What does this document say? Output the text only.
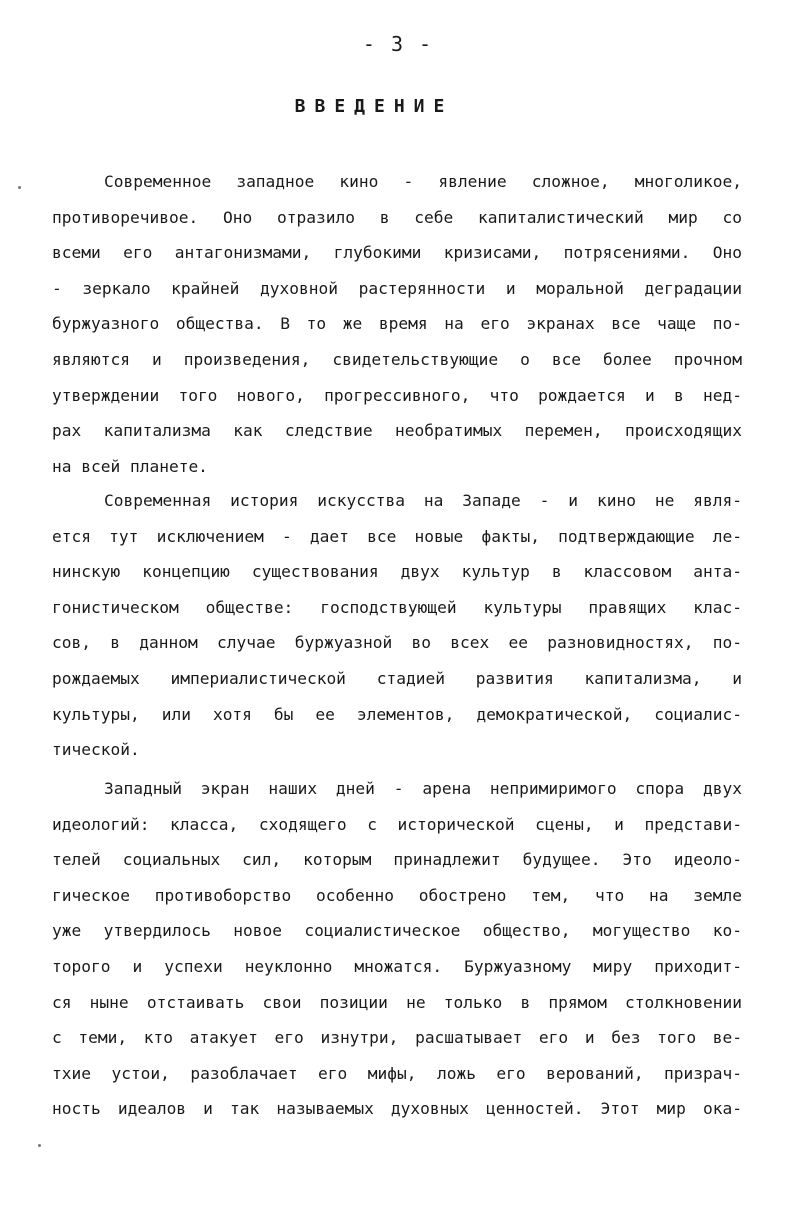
- 3 -
ВВЕДЕНИЕ
Современное западное кино - явление сложное, многоликое,
противоречивое. Оно отразило в себе капиталистический мир со
всеми его антагонизмами, глубокими кризисами, потрясениями. Оно
- зеркало крайней духовной растерянности и моральной деградации
буржуазного общества. В то же время на его экранах все чаще по-
являются и произведения, свидетельствующие о все более прочном
утверждении того нового, прогрессивного, что рождается и в нед-
рах капитализма как следствие необратимых перемен, происходящих
на всей планете.
Современная история искусства на Западе - и кино не явля-
ется тут исключением - дает все новые факты, подтверждающие ле-
нинскую концепцию существования двух культур в классовом анта-
гонистическом обществе: господствующей культуры правящих клас-
сов, в данном случае буржуазной во всех ее разновидностях, по-
рождаемых империалистической стадией развития капитализма, и
культуры, или хотя бы ее элементов, демократической, социалис-
тической.
Западный экран наших дней - арена непримиримого спора двух
идеологий: класса, сходящего с исторической сцены, и представи-
телей социальных сил, которым принадлежит будущее. Это идеоло-
гическое противоборство особенно обострено тем, что на земле
уже утвердилось новое социалистическое общество, могущество ко-
торого и успехи неуклонно множатся. Буржуазному миру приходит-
ся ныне отстаивать свои позиции не только в прямом столкновении
с теми, кто атакует его изнутри, расшатывает его и без того ве-
тхие устои, разоблачает его мифы, ложь его верований, призрач-
ность идеалов и так называемых духовных ценностей. Этот мир ока-
